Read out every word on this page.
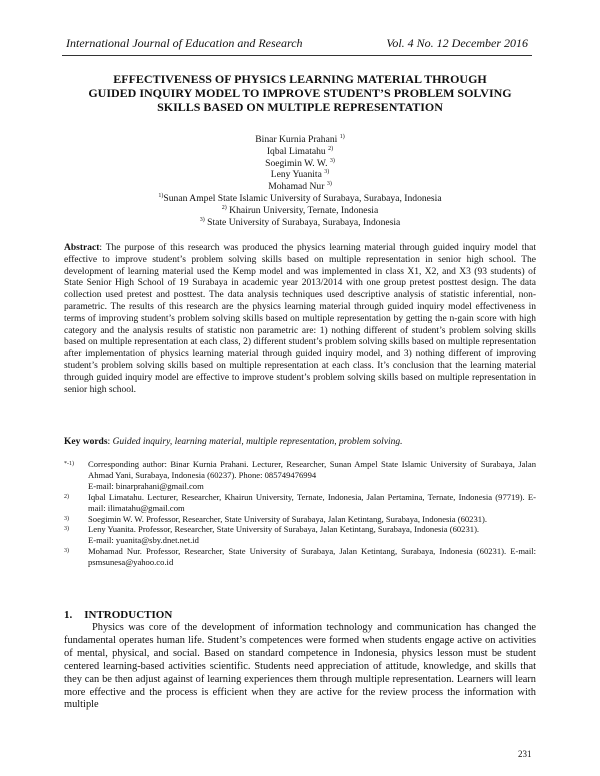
International Journal of Education and Research	Vol. 4 No. 12 December 2016
EFFECTIVENESS OF PHYSICS LEARNING MATERIAL THROUGH
GUIDED INQUIRY MODEL TO IMPROVE STUDENT’S PROBLEM SOLVING
SKILLS BASED ON MULTIPLE REPRESENTATION
Binar Kurnia Prahani $^{1)}$
Iqbal Limatahu $^{2)}$
Soegimin W. W. $^{3)}$
Leny Yuanita $^{3)}$
Mohamad Nur $^{3)}$
$^{1)}$Sunan Ampel State Islamic University of Surabaya, Surabaya, Indonesia
$^{2)}$ Khairun University, Ternate, Indonesia
$^{3)}$ State University of Surabaya, Surabaya, Indonesia
Abstract: The purpose of this research was produced the physics learning material through guided inquiry model that effective to improve student’s problem solving skills based on multiple representation in senior high school. The development of learning material used the Kemp model and was implemented in class X1, X2, and X3 (93 students) of State Senior High School of 19 Surabaya in academic year 2013/2014 with one group pretest posttest design. The data collection used pretest and posttest. The data analysis techniques used descriptive analysis of statistic inferential, non-parametric. The results of this research are the physics learning material through guided inquiry model effectiveness in terms of improving student’s problem solving skills based on multiple representation by getting the n-gain score with high category and the analysis results of statistic non parametric are: 1) nothing different of student’s problem solving skills based on multiple representation at each class, 2) different student’s problem solving skills based on multiple representation after implementation of physics learning material through guided inquiry model, and 3) nothing different of improving student’s problem solving skills based on multiple representation at each class. It’s conclusion that the learning material through guided inquiry model are effective to improve student’s problem solving skills based on multiple representation in senior high school.
Key words: Guided inquiry, learning material, multiple representation, problem solving.
*-1)	Corresponding author: Binar Kurnia Prahani. Lecturer, Researcher, Sunan Ampel State Islamic University of Surabaya, Jalan Ahmad Yani, Surabaya, Indonesia (60237). Phone: 085749476994
E-mail: binarprahani@gmail.com
2)	Iqbal Limatahu. Lecturer, Researcher, Khairun University, Ternate, Indonesia, Jalan Pertamina, Ternate, Indonesia (97719). E-mail: ilimatahu@gmail.com
3)	Soegimin W. W. Professor, Researcher, State University of Surabaya, Jalan Ketintang, Surabaya, Indonesia (60231).
3)	Leny Yuanita. Professor, Researcher, State University of Surabaya, Jalan Ketintang, Surabaya, Indonesia (60231).
E-mail: yuanita@sby.dnet.net.id
3)	Mohamad Nur. Professor, Researcher, State University of Surabaya, Jalan Ketintang, Surabaya, Indonesia (60231). E-mail: psmsunesa@yahoo.co.id
1. INTRODUCTION

Physics was core of the development of information technology and communication has changed the fundamental operates human life. Student’s competences were formed when students engage active on activities of mental, physical, and social. Based on standard competence in Indonesia, physics lesson must be student centered learning-based activities scientific. Students need appreciation of attitude, knowledge, and skills that they can be then adjust against of learning experiences them through multiple representation. Learners will learn more effective and the process is efficient when they are active for the review process the information with multiple

231
